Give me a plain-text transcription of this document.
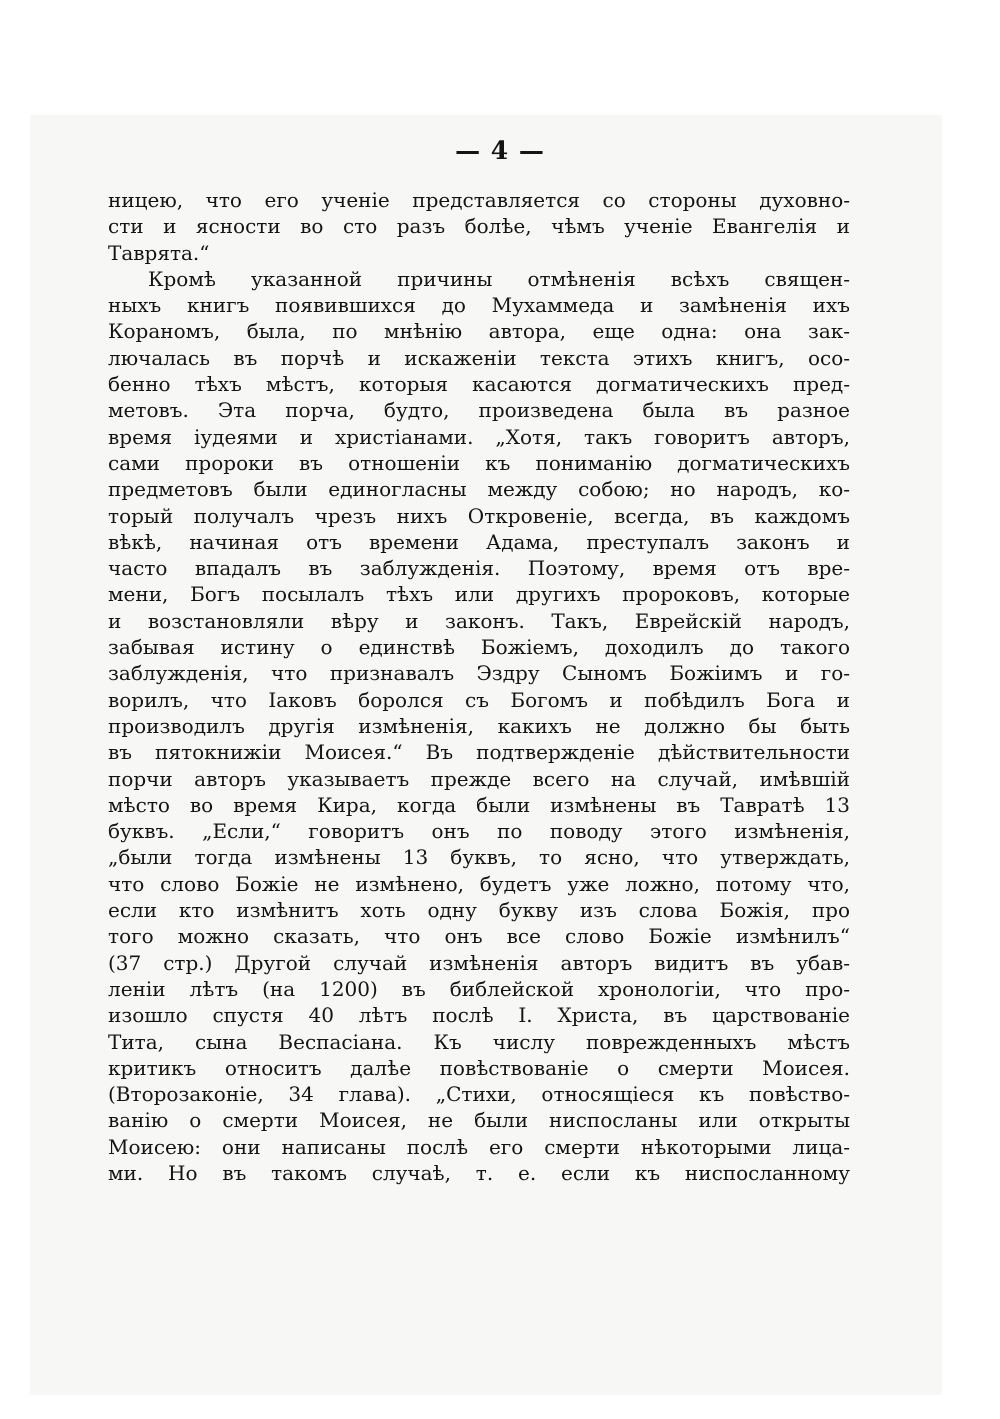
— 4 —
ницею, что его ученіе представляется со стороны духовно-
сти и ясности во сто разъ болѣе, чѣмъ ученіе Евангелія и
Таврята.“
Кромѣ указанной причины отмѣненія всѣхъ священ-
ныхъ книгъ появившихся до Мухаммеда и замѣненія ихъ
Кораномъ, была, по мнѣнію автора, еще одна: она зак-
лючалась въ порчѣ и искаженіи текста этихъ книгъ, осо-
бенно тѣхъ мѣстъ, которыя касаются догматическихъ пред-
метовъ. Эта порча, будто, произведена была въ разное
время іудеями и христіанами. „Хотя, такъ говоритъ авторъ,
сами пророки въ отношеніи къ пониманію догматическихъ
предметовъ были единогласны между собою; но народъ, ко-
торый получалъ чрезъ нихъ Откровеніе, всегда, въ каждомъ
вѣкѣ, начиная отъ времени Адама, преступалъ законъ и
часто впадалъ въ заблужденія. Поэтому, время отъ вре-
мени, Богъ посылалъ тѣхъ или другихъ пророковъ, которые
и возстановляли вѣру и законъ. Такъ, Еврейскій народъ,
забывая истину о единствѣ Божіемъ, доходилъ до такого
заблужденія, что признавалъ Эздру Сыномъ Божіимъ и го-
ворилъ, что Іаковъ боролся съ Богомъ и побѣдилъ Бога и
производилъ другія измѣненія, какихъ не должно бы быть
въ пятокнижіи Моисея.“ Въ подтвержденіе дѣйствительности
порчи авторъ указываетъ прежде всего на случай, имѣвшій
мѣсто во время Кира, когда были измѣнены въ Тавратѣ 13
буквъ. „Если,“ говоритъ онъ по поводу этого измѣненія,
„были тогда измѣнены 13 буквъ, то ясно, что утверждать,
что слово Божіе не измѣнено, будетъ уже ложно, потому что,
если кто измѣнитъ хоть одну букву изъ слова Божія, про
того можно сказать, что онъ все слово Божіе измѣнилъ“
(37 стр.) Другой случай измѣненія авторъ видитъ въ убав-
леніи лѣтъ (на 1200) въ библейской хронологіи, что про-
изошло спустя 40 лѣтъ послѣ І. Христа, въ царствованіе
Тита, сына Веспасіана. Къ числу поврежденныхъ мѣстъ
критикъ относитъ далѣе повѣствованіе о смерти Моисея.
(Второзаконіе, 34 глава). „Стихи, относящіеся къ повѣство-
ванію о смерти Моисея, не были ниспосланы или открыты
Моисею: они написаны послѣ его смерти нѣкоторыми лица-
ми. Но въ такомъ случаѣ, т. е. если къ ниспосланному
